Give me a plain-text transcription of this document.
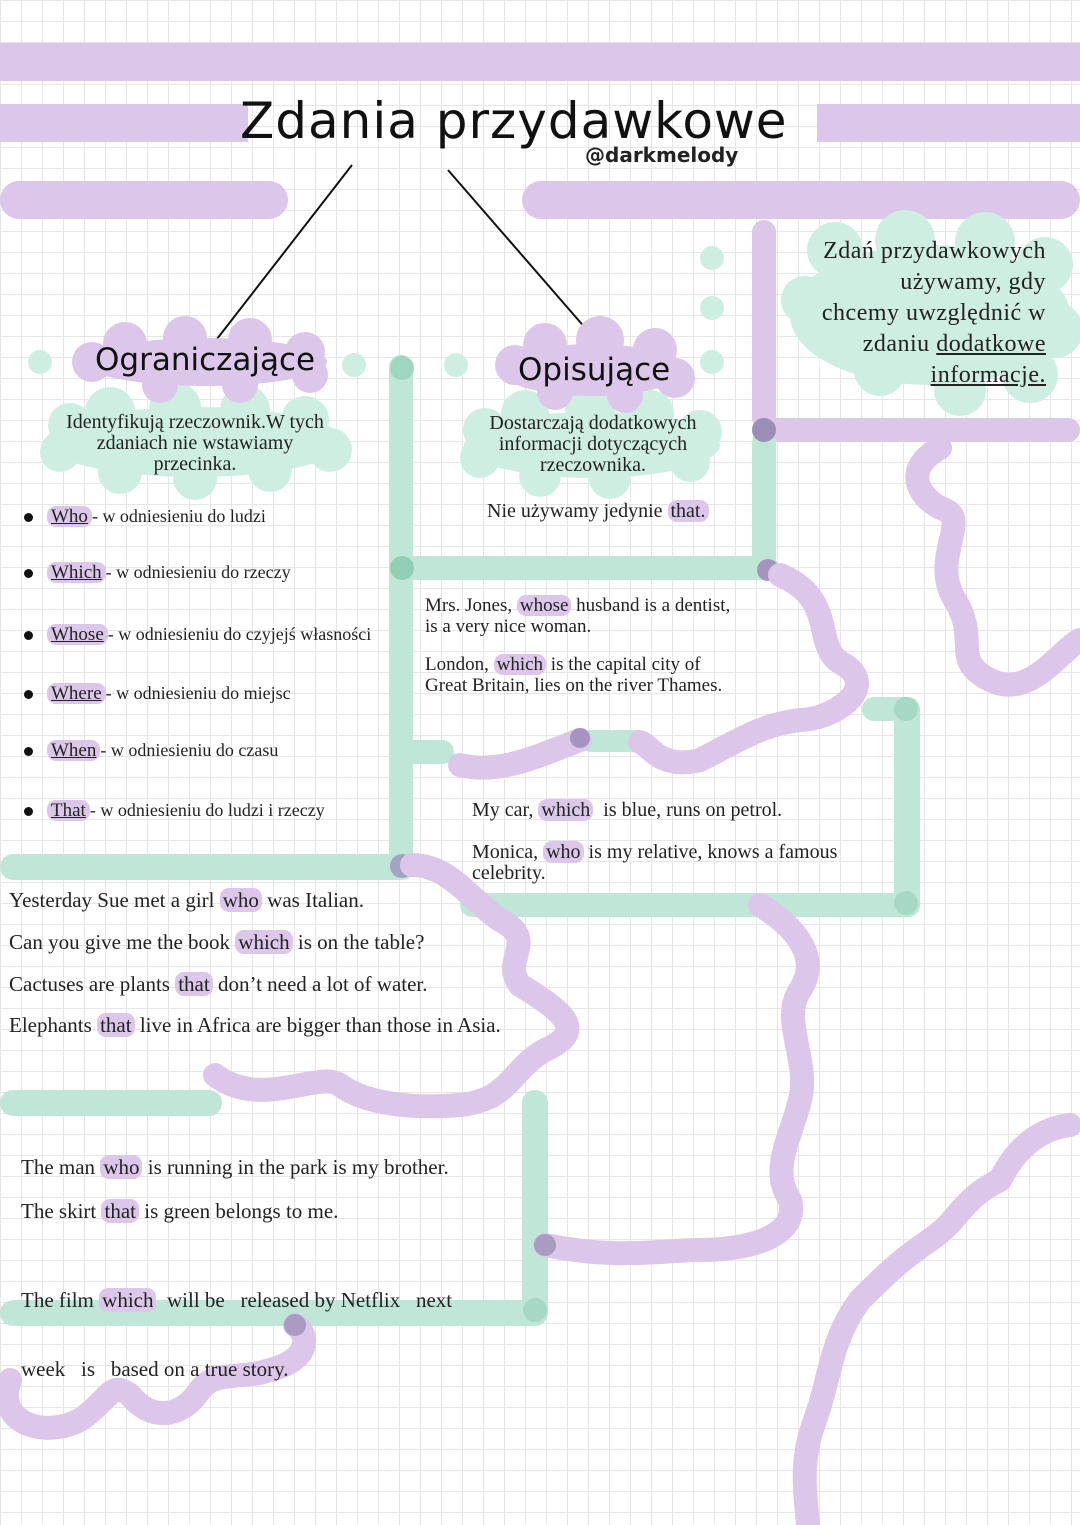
Zdania przydawkowe
@darkmelody
Ograniczające	Opisujące
Identyfikują rzeczownik.W tych
zdaniach nie wstawiamy
przecinka.
Dostarczają dodatkowych
informacji dotyczących
rzeczownika.
Nie używamy jedynie that.
Zdań przydawkowych
używamy, gdy
chcemy uwzględnić w
zdaniu dodatkowe
informacje.
Who - w odniesieniu do ludzi
Which - w odniesieniu do rzeczy
Whose - w odniesieniu do czyjejś własności
Where - w odniesieniu do miejsc
When - w odniesieniu do czasu
That - w odniesieniu do ludzi i rzeczy
Mrs. Jones, whose husband is a dentist,
is a very nice woman.
London, which is the capital city of
Great Britain, lies on the river Thames.
My car, which  is blue, runs on petrol.
Monica, who is my relative, knows a famous
celebrity.
Yesterday Sue met a girl who was Italian.
Can you give me the book which is on the table?
Cactuses are plants that don’t need a lot of water.
Elephants that live in Africa are bigger than those in Asia.
The man who is running in the park is my brother.
The skirt that is green belongs to me.

The film which  will be   released by Netflix   next

week   is   based on a true story.
